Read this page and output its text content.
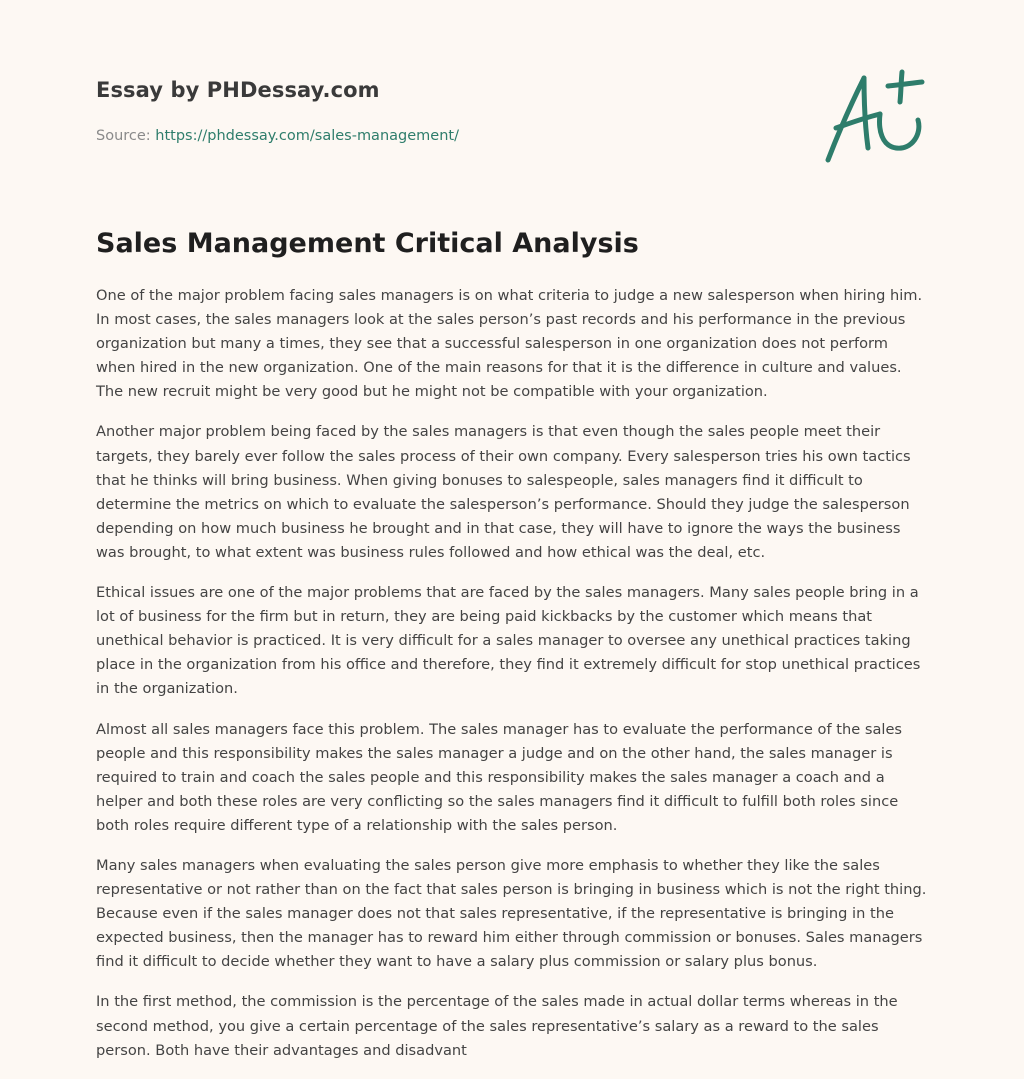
Essay by PHDessay.com
Source: https://phdessay.com/sales-management/
Sales Management Critical Analysis

One of the major problem facing sales managers is on what criteria to judge a new salesperson when hiring him. In most cases, the sales managers look at the sales person’s past records and his performance in the previous organization but many a times, they see that a successful salesperson in one organization does not perform when hired in the new organization. One of the main reasons for that it is the difference in culture and values. The new recruit might be very good but he might not be compatible with your organization.

Another major problem being faced by the sales managers is that even though the sales people meet their targets, they barely ever follow the sales process of their own company. Every salesperson tries his own tactics that he thinks will bring business. When giving bonuses to salespeople, sales managers find it difficult to determine the metrics on which to evaluate the salesperson’s performance. Should they judge the salesperson depending on how much business he brought and in that case, they will have to ignore the ways the business was brought, to what extent was business rules followed and how ethical was the deal, etc.

Ethical issues are one of the major problems that are faced by the sales managers. Many sales people bring in a lot of business for the firm but in return, they are being paid kickbacks by the customer which means that unethical behavior is practiced. It is very difficult for a sales manager to oversee any unethical practices taking place in the organization from his office and therefore, they find it extremely difficult for stop unethical practices in the organization.

Almost all sales managers face this problem. The sales manager has to evaluate the performance of the sales people and this responsibility makes the sales manager a judge and on the other hand, the sales manager is required to train and coach the sales people and this responsibility makes the sales manager a coach and a helper and both these roles are very conflicting so the sales managers find it difficult to fulfill both roles since both roles require different type of a relationship with the sales person.

Many sales managers when evaluating the sales person give more emphasis to whether they like the sales representative or not rather than on the fact that sales person is bringing in business which is not the right thing. Because even if the sales manager does not that sales representative, if the representative is bringing in the expected business, then the manager has to reward him either through commission or bonuses. Sales managers find it difficult to decide whether they want to have a salary plus commission or salary plus bonus.

In the first method, the commission is the percentage of the sales made in actual dollar terms whereas in the second method, you give a certain percentage of the sales representative’s salary as a reward to the sales person. Both have their advantages and disadvant
